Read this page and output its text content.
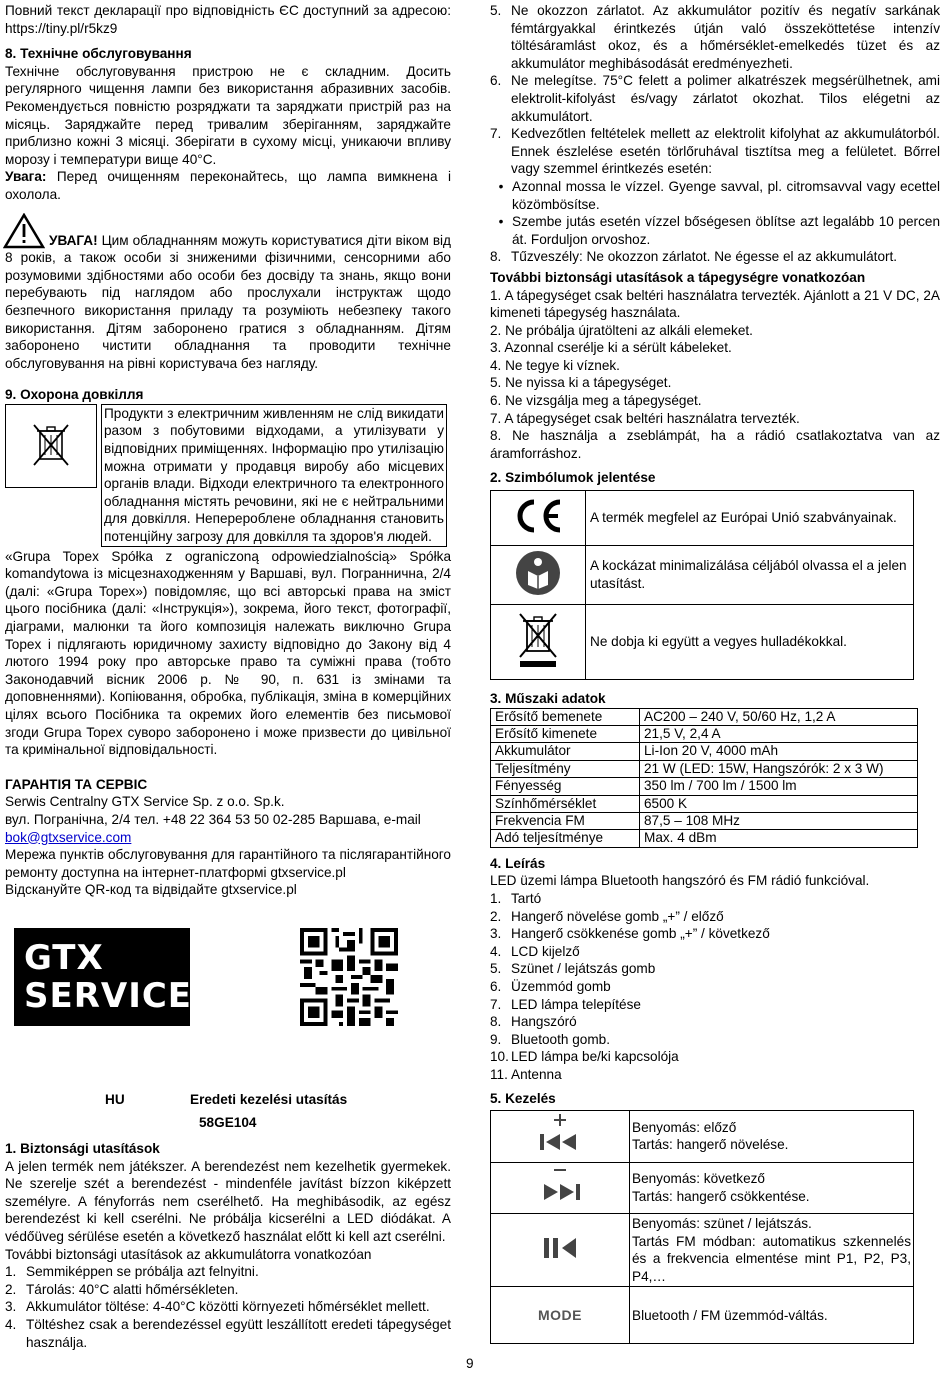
Повний текст декларації про відповідність ЄС доступний за адресою: https://tiny.pl/r5kz9

8. Технічне обслуговування

Технічне обслуговування пристрою не є складним. Досить регулярного чищення лампи без використання абразивних засобів. Рекомендується повністю розряджати та заряджати пристрій раз на місяць. Заряджайте перед тривалим зберіганням, заряджайте приблизно кожні 3 місяці. Зберігати в сухому місці, уникаючи впливу морозу і температури вище 40°C.

Увага: Перед очищенням переконайтесь, що лампа вимкнена і охолола.

УВАГА! Цим обладнанням можуть користуватися діти віком від 8 років, а також особи зі зниженими фізичними, сенсорними або розумовими здібностями або особи без досвіду та знань, якщо вони перебувають під наглядом або прослухали інструктаж щодо безпечного використання приладу та розуміють небезпеку такого використання. Дітям заборонено гратися з обладнанням. Дітям заборонено чистити обладнання та проводити технічне обслуговування на рівні користувача без нагляду.

9. Охорона довкілля

Продукти з електричним живленням не слід викидати разом з побутовими відходами, а утилізувати у відповідних приміщеннях. Інформацію про утилізацію можна отримати у продавця виробу або місцевих органів влади. Відходи електричного та електронного обладнання містять речовини, які не є нейтральними для довкілля. Неперероблене обладнання становить потенційну загрозу для довкілля та здоров'я людей.

«Grupa Topex Spółka z ograniczoną odpowiedzialnością» Spółka komandytowa із місцезнаходженням у Варшаві, вул. Пограннична, 2/4 (далі: «Grupa Topex») повідомляє, що всі авторські права на зміст цього посібника (далі: «Інструкція»), зокрема, його текст, фотографії, діаграми, малюнки та його композиція належать виключно Grupa Topex і підлягають юридичному захисту відповідно до Закону від 4 лютого 1994 року про авторське право та суміжні права (тобто Законодавчий вісник 2006 р. № 90, п. 631 із змінами та доповненнями). Копіювання, обробка, публікація, зміна в комерційних цілях всього Посібника та окремих його елементів без письмової згоди Grupa Topex суворо заборонено і може призвести до цивільної та кримінальної відповідальності.

ГАРАНТІЯ ТА СЕРВІС

Serwis Centralny GTX Service Sp. z o.o. Sp.k.

вул. Погранічна, 2/4 тел. +48 22 364 53 50 02-285 Варшава, e-mail

bok@gtxservice.com

Мережа пунктів обслуговування для гарантійного та післягарантійного ремонту доступна на інтернет-платформі gtxservice.pl

Відскануйте QR-код та відвідайте gtxservice.pl

GTX
SERVICE
HU	Eredeti kezelési utasítás
58GE104

1. Biztonsági utasítások

A jelen termék nem játékszer. A berendezést nem kezelhetik gyermekek. Ne szerelje szét a berendezést - mindenféle javítást bízzon kiképzett személyre. A fényforrás nem cserélhető. Ha meghibásodik, az egész berendezést ki kell cserélni. Ne próbálja kicserélni a LED diódákat. A védőüveg sérülése esetén a következő használat előtt ki kell azt cserélni.

További biztonsági utasítások az akkumulátorra vonatkozóan

1. Semmiképpen se próbálja azt felnyitni.
2. Tárolás: 40°C alatti hőmérsékleten.
3. Akkumulátor töltése: 4-40°C közötti környezeti hőmérséklet mellett.
4. Töltéshez csak a berendezéssel együtt leszállított eredeti tápegységet használja.
5. Ne okozzon zárlatot. Az akkumulátor pozitív és negatív sarkának fémtárgyakkal érintkezés útján való összeköttetése intenzív töltésáramlást okoz, és a hőmérséklet-emelkedés tüzet és az akkumulátor meghibásodását eredményezheti.
6. Ne melegítse. 75°C felett a polimer alkatrészek megsérülhetnek, ami elektrolit-kifolyást és/vagy zárlatot okozhat. Tilos elégetni az akkumulátort.
7. Kedvezőtlen feltételek mellett az elektrolit kifolyhat az akkumulátorból. Ennek észlelése esetén törlőruhával tisztítsa meg a felületet. Bőrrel vagy szemmel érintkezés esetén:
• Azonnal mossa le vízzel. Gyenge savval, pl. citromsavval vagy ecettel közömbösítse.
• Szembe jutás esetén vízzel bőségesen öblítse azt legalább 10 percen át. Forduljon orvoshoz.
8. Tűzveszély: Ne okozzon zárlatot. Ne égesse el az akkumulátort.

További biztonsági utasítások a tápegységre vonatkozóan

1. A tápegységet csak beltéri használatra tervezték. Ajánlott a 21 V DC, 2A kimeneti tápegység használata.

2. Ne próbálja újratölteni az alkáli elemeket.

3. Azonnal cserélje ki a sérült kábeleket.

4. Ne tegye ki víznek.

5. Ne nyissa ki a tápegységet.

6. Ne vizsgálja meg a tápegységet.

7. A tápegységet csak beltéri használatra tervezték.

8. Ne használja a zseblámpát, ha a rádió csatlakoztatva van az áramforráshoz.

2. Szimbólumok jelentése

	A termék megfelel az Európai Unió szabványainak.
	A kockázat minimalizálása céljából olvassa el a jelen utasítást.
	Ne dobja ki együtt a vegyes hulladékokkal.

3. Műszaki adatok

Erősítő bemenete	AC200 – 240 V, 50/60 Hz, 1,2 A
Erősítő kimenete	21,5 V, 2,4 A
Akkumulátor	Li-Ion 20 V, 4000 mAh
Teljesítmény	21 W (LED: 15W, Hangszórók: 2 x 3 W)
Fényesség	350 lm / 700 lm / 1500 lm
Színhőmérséklet	6500 K
Frekvencia FM	87,5 – 108 MHz
Adó teljesítménye	Max. 4 dBm

4. Leírás

LED üzemi lámpa Bluetooth hangszóró és FM rádió funkcióval.

1. Tartó
2. Hangerő növelése gomb „+” / előző
3. Hangerő csökkenése gomb „+” / következő
4. LCD kijelző
5. Szünet / lejátszás gomb
6. Üzemmód gomb
7. LED lámpa telepítése
8. Hangszóró
9. Bluetooth gomb.
10. LED lámpa be/ki kapcsolója
11. Antenna

5. Kezelés

Benyomás: előző
Tartás: hangerő növelése.

Benyomás: következő
Tartás: hangerő csökkentése.

Benyomás: szünet / lejátszás.
Tartás FM módban: automatikus szkennelés és a frekvencia elmentése mint P1, P2, P3, P4,…

MODE	Bluetooth / FM üzemmód-váltás.
9
